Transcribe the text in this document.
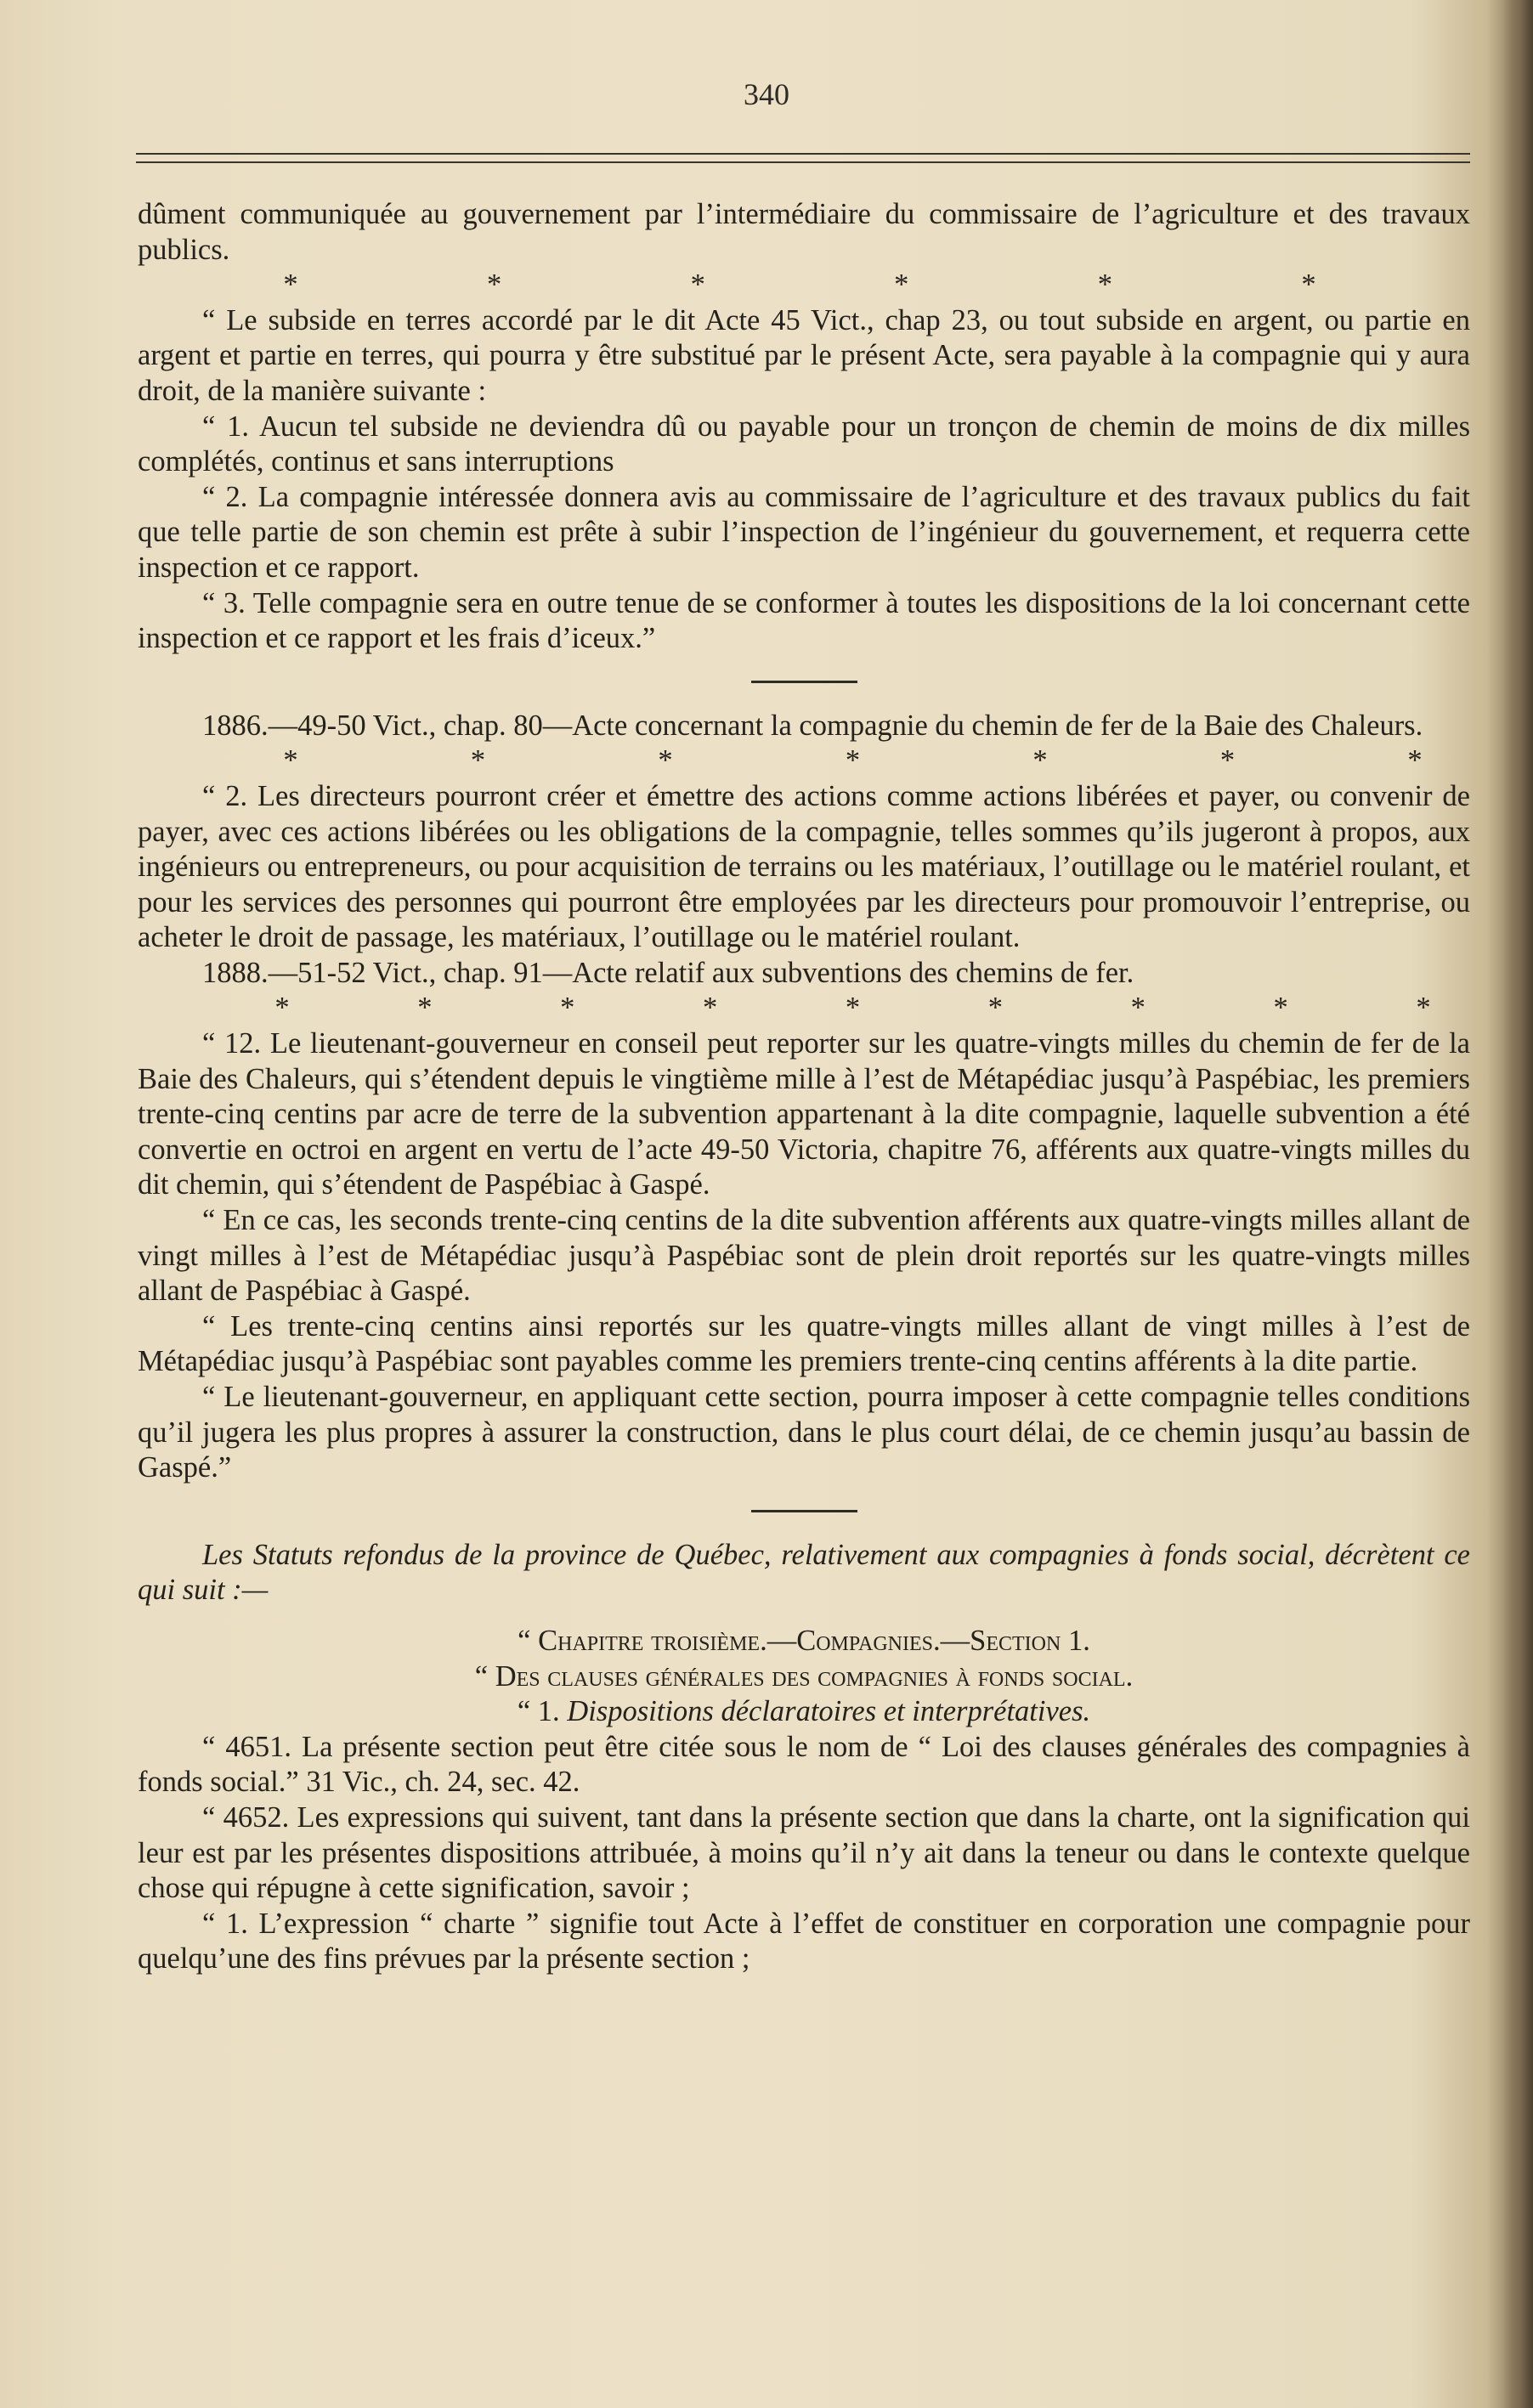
340

dûment communiquée au gouvernement par l’intermédiaire du commissaire de l’agriculture et des travaux publics.

*	*	*	*	*	*

“ Le subside en terres accordé par le dit Acte 45 Vict., chap 23, ou tout subside en argent, ou partie en argent et partie en terres, qui pourra y être substitué par le présent Acte, sera payable à la compagnie qui y aura droit, de la manière suivante :

“ 1. Aucun tel subside ne deviendra dû ou payable pour un tronçon de chemin de moins de dix milles complétés, continus et sans interruptions

“ 2. La compagnie intéressée donnera avis au commissaire de l’agriculture et des travaux publics du fait que telle partie de son chemin est prête à subir l’inspection de l’ingénieur du gouvernement, et requerra cette inspection et ce rapport.

“ 3. Telle compagnie sera en outre tenue de se conformer à toutes les dispositions de la loi concernant cette inspection et ce rapport et les frais d’iceux.”

1886.—49-50 Vict., chap. 80—Acte concernant la compagnie du chemin de fer de la Baie des Chaleurs.

*	*	*	*	*	*	*

“ 2. Les directeurs pourront créer et émettre des actions comme actions libérées et payer, ou convenir de payer, avec ces actions libérées ou les obligations de la compagnie, telles sommes qu’ils jugeront à propos, aux ingénieurs ou entrepreneurs, ou pour acquisition de terrains ou les matériaux, l’outillage ou le matériel roulant, et pour les services des personnes qui pourront être employées par les directeurs pour promouvoir l’entreprise, ou acheter le droit de passage, les matériaux, l’outillage ou le matériel roulant.

1888.—51-52 Vict., chap. 91—Acte relatif aux subventions des chemins de fer.

*	*	*	*	*	*	*	*	*

“ 12. Le lieutenant-gouverneur en conseil peut reporter sur les quatre-vingts milles du chemin de fer de la Baie des Chaleurs, qui s’étendent depuis le vingtième mille à l’est de Métapédiac jusqu’à Paspébiac, les premiers trente-cinq centins par acre de terre de la subvention appartenant à la dite compagnie, laquelle subvention a été convertie en octroi en argent en vertu de l’acte 49-50 Victoria, chapitre 76, afférents aux quatre-vingts milles du dit chemin, qui s’étendent de Paspébiac à Gaspé.

“ En ce cas, les seconds trente-cinq centins de la dite subvention afférents aux quatre-vingts milles allant de vingt milles à l’est de Métapédiac jusqu’à Paspébiac sont de plein droit reportés sur les quatre-vingts milles allant de Paspébiac à Gaspé.

“ Les trente-cinq centins ainsi reportés sur les quatre-vingts milles allant de vingt milles à l’est de Métapédiac jusqu’à Paspébiac sont payables comme les premiers trente-cinq centins afférents à la dite partie.

“ Le lieutenant-gouverneur, en appliquant cette section, pourra imposer à cette compagnie telles conditions qu’il jugera les plus propres à assurer la construction, dans le plus court délai, de ce chemin jusqu’au bassin de Gaspé.”

Les Statuts refondus de la province de Québec, relativement aux compagnies à fonds social, décrètent ce qui suit :—

“ Chapitre troisième.—Compagnies.—Section 1.

“ Des clauses générales des compagnies à fonds social.

“ 1. Dispositions déclaratoires et interprétatives.

“ 4651. La présente section peut être citée sous le nom de “ Loi des clauses générales des compagnies à fonds social.” 31 Vic., ch. 24, sec. 42.

“ 4652. Les expressions qui suivent, tant dans la présente section que dans la charte, ont la signification qui leur est par les présentes dispositions attribuée, à moins qu’il n’y ait dans la teneur ou dans le contexte quelque chose qui répugne à cette signification, savoir ;

“ 1. L’expression “ charte ” signifie tout Acte à l’effet de constituer en corporation une compagnie pour quelqu’une des fins prévues par la présente section ;
